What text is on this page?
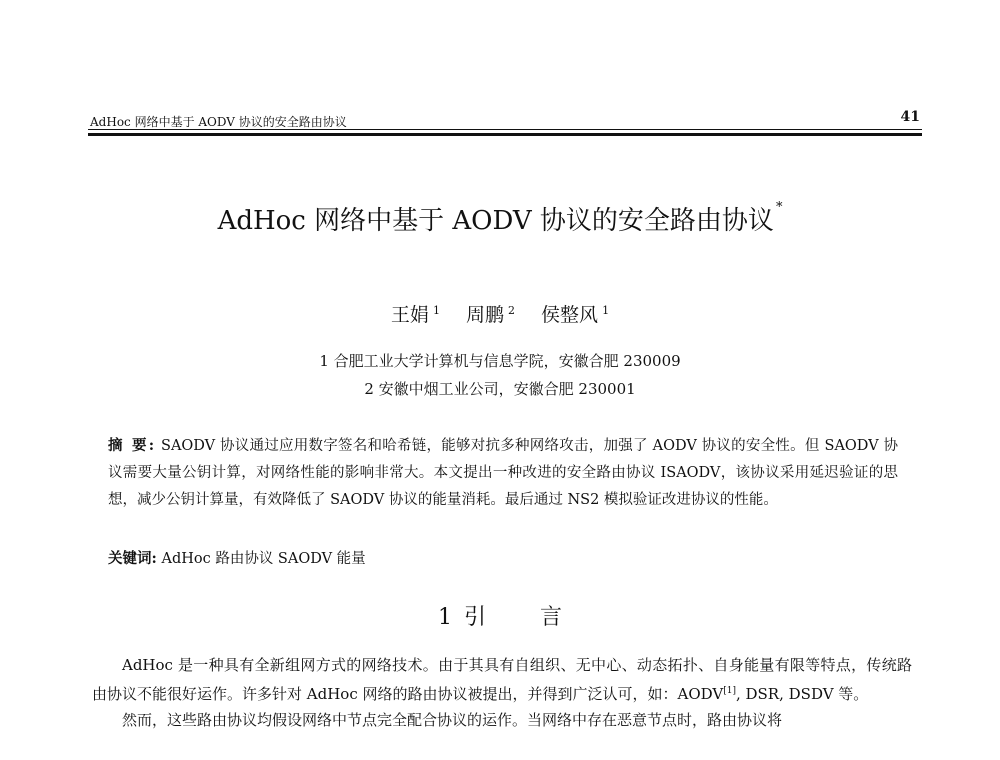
AdHoc 网络中基于 AODV 协议的安全路由协议	41
AdHoc 网络中基于 AODV 协议的安全路由协议 *
王娟 $^1$ 周鹏 $^2$ 侯整风 $^1$
1 合肥工业大学计算机与信息学院，安徽合肥 230009
2 安徽中烟工业公司，安徽合肥 230001
摘 要: SAODV 协议通过应用数字签名和哈希链，能够对抗多种网络攻击，加强了 AODV 协议的安全性。但 SAODV 协议需要大量公钥计算，对网络性能的影响非常大。本文提出一种改进的安全路由协议 ISAODV，该协议采用延迟验证的思想，减少公钥计算量，有效降低了 SAODV 协议的能量消耗。最后通过 NS2 模拟验证改进协议的性能。
关键词: AdHoc 路由协议 SAODV 能量
1 引 言

AdHoc 是一种具有全新组网方式的网络技术。由于其具有自组织、无中心、动态拓扑、自身能量有限等特点，传统路由协议不能很好运作。许多针对 AdHoc 网络的路由协议被提出，并得到广泛认可，如：AODV[1], DSR, DSDV 等。

然而，这些路由协议均假设网络中节点完全配合协议的运作。当网络中存在恶意节点时，路由协议将
